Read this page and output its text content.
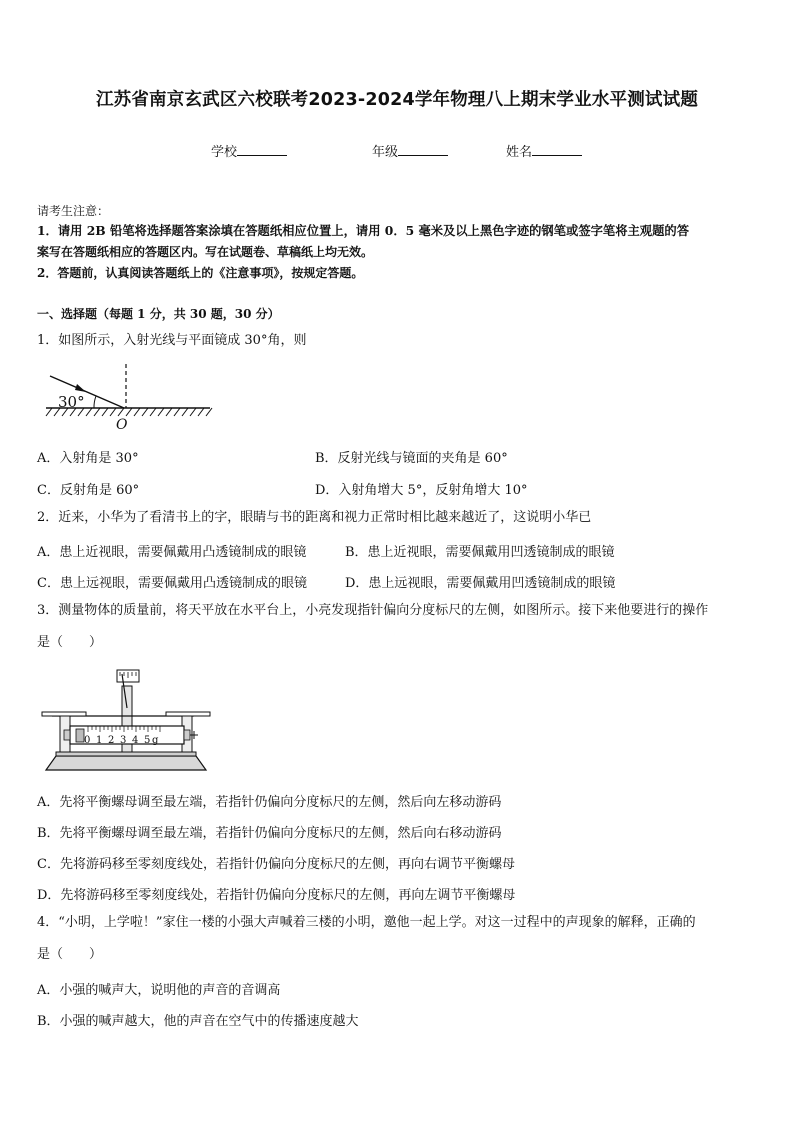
江苏省南京玄武区六校联考2023-2024学年物理八上期末学业水平测试试题
学校	年级	姓名
请考生注意：
1．请用 2B 铅笔将选择题答案涂填在答题纸相应位置上，请用 0．5 毫米及以上黑色字迹的钢笔或签字笔将主观题的答
案写在答题纸相应的答题区内。写在试题卷、草稿纸上均无效。
2．答题前，认真阅读答题纸上的《注意事项》，按规定答题。
一、选择题（每题 1 分，共 30 题，30 分）
1．如图所示，入射光线与平面镜成 30°角，则
30°
O
A．入射角是 30°	B．反射光线与镜面的夹角是 60°
C．反射角是 60°	D．入射角增大 5°，反射角增大 10°
2．近来，小华为了看清书上的字，眼睛与书的距离和视力正常时相比越来越近了，这说明小华已
A．患上近视眼，需要佩戴用凸透镜制成的眼镜	B．患上近视眼，需要佩戴用凹透镜制成的眼镜
C．患上远视眼，需要佩戴用凸透镜制成的眼镜	D．患上远视眼，需要佩戴用凹透镜制成的眼镜
3．测量物体的质量前，将天平放在水平台上，小亮发现指针偏向分度标尺的左侧，如图所示。接下来他要进行的操作
是（　　）
0 1 2 3 4 5 g
A．先将平衡螺母调至最左端，若指针仍偏向分度标尺的左侧，然后向左移动游码
B．先将平衡螺母调至最左端，若指针仍偏向分度标尺的左侧，然后向右移动游码
C．先将游码移至零刻度线处，若指针仍偏向分度标尺的左侧，再向右调节平衡螺母
D．先将游码移至零刻度线处，若指针仍偏向分度标尺的左侧，再向左调节平衡螺母
4．“小明，上学啦！”家住一楼的小强大声喊着三楼的小明，邀他一起上学。对这一过程中的声现象的解释，正确的
是（　　）
A．小强的喊声大，说明他的声音的音调高
B．小强的喊声越大，他的声音在空气中的传播速度越大
